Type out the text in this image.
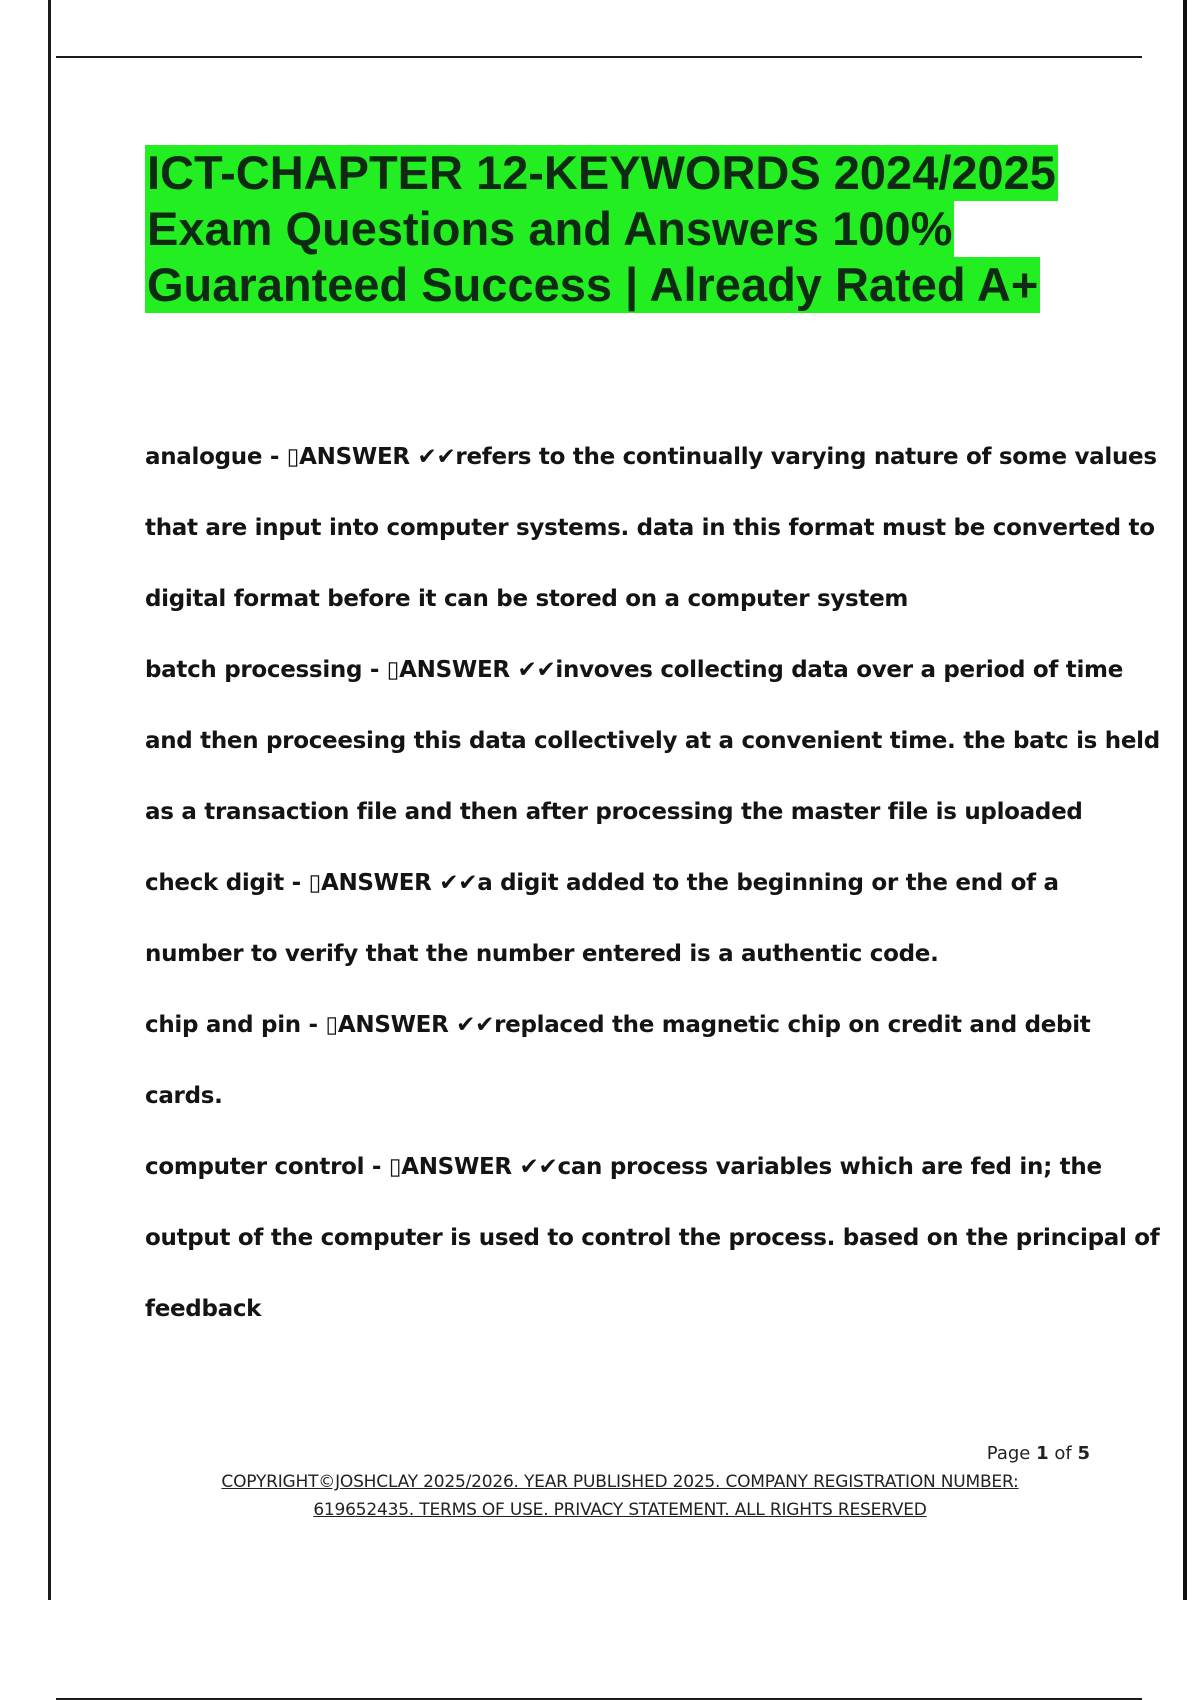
ICT-CHAPTER 12-KEYWORDS 2024/2025
Exam Questions and Answers 100%
Guaranteed Success | Already Rated A+
analogue - ▯ANSWER ✔✔refers to the continually varying nature of some values
that are input into computer systems. data in this format must be converted to
digital format before it can be stored on a computer system
batch processing - ▯ANSWER ✔✔invoves collecting data over a period of time
and then proceesing this data collectively at a convenient time. the batc is held
as a transaction file and then after processing the master file is uploaded
check digit - ▯ANSWER ✔✔a digit added to the beginning or the end of a
number to verify that the number entered is a authentic code.
chip and pin - ▯ANSWER ✔✔replaced the magnetic chip on credit and debit
cards.
computer control - ▯ANSWER ✔✔can process variables which are fed in; the
output of the computer is used to control the process. based on the principal of
feedback
Page 1 of 5
COPYRIGHT©JOSHCLAY 2025/2026. YEAR PUBLISHED 2025. COMPANY REGISTRATION NUMBER:
619652435. TERMS OF USE. PRIVACY STATEMENT. ALL RIGHTS RESERVED
